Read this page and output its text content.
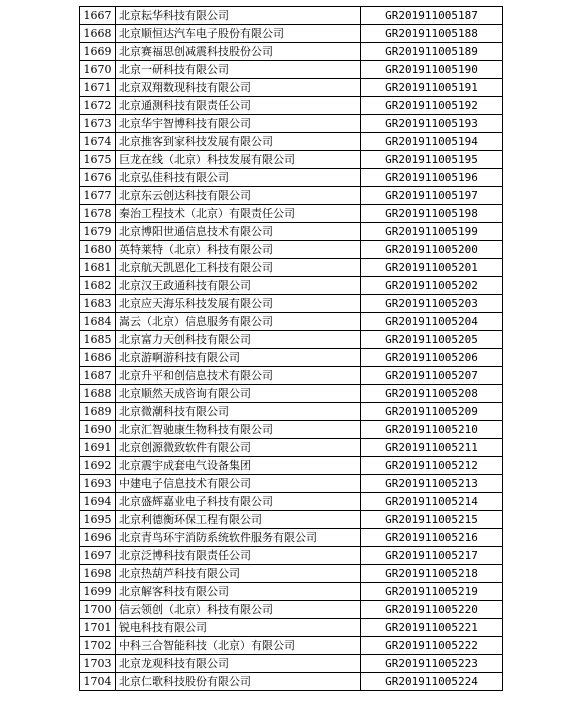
1667	北京耘华科技有限公司	GR201911005187
1668	北京顺恒达汽车电子股份有限公司	GR201911005188
1669	北京赛福思创减震科技股份公司	GR201911005189
1670	北京一研科技有限公司	GR201911005190
1671	北京双翔数现科技有限公司	GR201911005191
1672	北京通测科技有限责任公司	GR201911005192
1673	北京华宇智博科技有限公司	GR201911005193
1674	北京推客到家科技发展有限公司	GR201911005194
1675	巨龙在线（北京）科技发展有限公司	GR201911005195
1676	北京弘佳科技有限公司	GR201911005196
1677	北京东云创达科技有限公司	GR201911005197
1678	秦治工程技术（北京）有限责任公司	GR201911005198
1679	北京博阳世通信息技术有限公司	GR201911005199
1680	英特莱特（北京）科技有限公司	GR201911005200
1681	北京航天凯恩化工科技有限公司	GR201911005201
1682	北京汉王政通科技有限公司	GR201911005202
1683	北京应天海乐科技发展有限公司	GR201911005203
1684	嵩云（北京）信息服务有限公司	GR201911005204
1685	北京富力天创科技有限公司	GR201911005205
1686	北京游啊游科技有限公司	GR201911005206
1687	北京升平和创信息技术有限公司	GR201911005207
1688	北京顺然天成咨询有限公司	GR201911005208
1689	北京微潮科技有限公司	GR201911005209
1690	北京汇智驰康生物科技有限公司	GR201911005210
1691	北京创源微致软件有限公司	GR201911005211
1692	北京震宇成套电气设备集团	GR201911005212
1693	中建电子信息技术有限公司	GR201911005213
1694	北京盛辉嘉业电子科技有限公司	GR201911005214
1695	北京利德衡环保工程有限公司	GR201911005215
1696	北京青鸟环宇消防系统软件服务有限公司	GR201911005216
1697	北京泛博科技有限责任公司	GR201911005217
1698	北京热葫芦科技有限公司	GR201911005218
1699	北京解客科技有限公司	GR201911005219
1700	信云领创（北京）科技有限公司	GR201911005220
1701	锐电科技有限公司	GR201911005221
1702	中科三合智能科技（北京）有限公司	GR201911005222
1703	北京龙观科技有限公司	GR201911005223
1704	北京仁歌科技股份有限公司	GR201911005224
